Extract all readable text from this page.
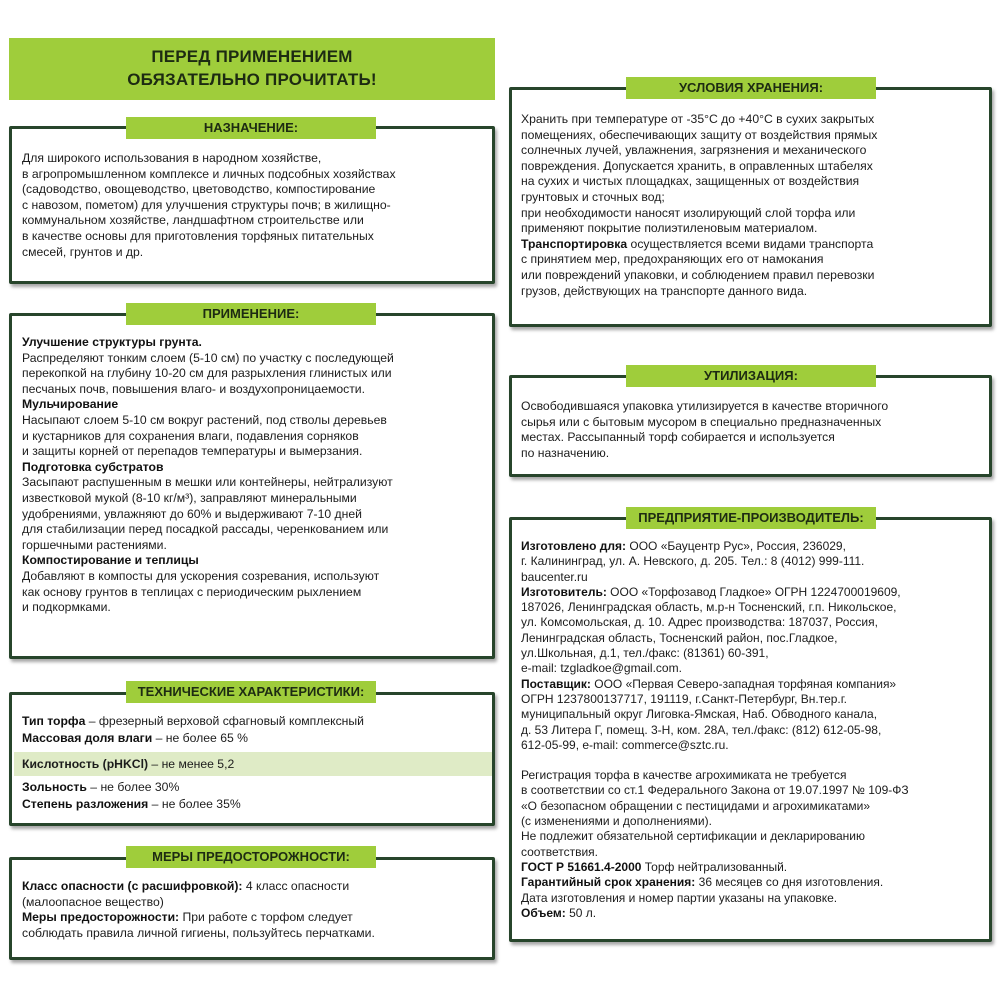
ПЕРЕД ПРИМЕНЕНИЕМ
ОБЯЗАТЕЛЬНО ПРОЧИТАТЬ!
НАЗНАЧЕНИЕ:

Для широкого использования в народном хозяйстве,

в агропромышленном комплексе и личных подсобных хозяйствах

(садоводство, овощеводство, цветоводство, компостирование

с навозом, пометом) для улучшения структуры почв; в жилищно-

коммунальном хозяйстве, ландшафтном строительстве или

в качестве основы для приготовления торфяных питательных

смесей, грунтов и др.

ПРИМЕНЕНИЕ:

Улучшение структуры грунта.

Распределяют тонким слоем (5-10 см) по участку с последующей

перекопкой на глубину 10-20 см для разрыхления глинистых или

песчаных почв, повышения влаго- и воздухопроницаемости.

Мульчирование

Насыпают слоем 5-10 см вокруг растений, под стволы деревьев

и кустарников для сохранения влаги, подавления сорняков

и защиты корней от перепадов температуры и вымерзания.

Подготовка субстратов

Засыпают распушенным в мешки или контейнеры, нейтрализуют

известковой мукой (8-10 кг/м³), заправляют минеральными

удобрениями, увлажняют до 60% и выдерживают 7-10 дней

для стабилизации перед посадкой рассады, черенкованием или

горшечными растениями.

Компостирование и теплицы

Добавляют в компосты для ускорения созревания, используют

как основу грунтов в теплицах с периодическим рыхлением

и подкормками.

ТЕХНИЧЕСКИЕ ХАРАКТЕРИСТИКИ:
Тип торфа – фрезерный верховой сфагновый комплексный
Массовая доля влаги – не более 65 %
Кислотность (pHKCl) – не менее 5,2
Зольность – не более 30%
Степень разложения – не более 35%
МЕРЫ ПРЕДОСТОРОЖНОСТИ:

Класс опасности (с расшифровкой): 4 класс опасности

(малоопасное вещество)

Меры предосторожности: При работе с торфом следует

соблюдать правила личной гигиены, пользуйтесь перчатками.

УСЛОВИЯ ХРАНЕНИЯ:

Хранить при температуре от -35°С до +40°С в сухих закрытых

помещениях, обеспечивающих защиту от воздействия прямых

солнечных лучей, увлажнения, загрязнения и механического

повреждения. Допускается хранить, в оправленных штабелях

на сухих и чистых площадках, защищенных от воздействия

грунтовых и сточных вод;

при необходимости наносят изолирующий слой торфа или

применяют покрытие полиэтиленовым материалом.

Транспортировка осуществляется всеми видами транспорта

с принятием мер, предохраняющих его от намокания

или повреждений упаковки, и соблюдением правил перевозки

грузов, действующих на транспорте данного вида.

УТИЛИЗАЦИЯ:

Освободившаяся упаковка утилизируется в качестве вторичного

сырья или с бытовым мусором в специально предназначенных

местах. Рассыпанный торф собирается и используется

по назначению.

ПРЕДПРИЯТИЕ-ПРОИЗВОДИТЕЛЬ:

Изготовлено для: ООО «Бауцентр Рус», Россия, 236029,

г. Калининград, ул. А. Невского, д. 205. Тел.: 8 (4012) 999-111.

baucenter.ru

Изготовитель: ООО «Торфозавод Гладкое» ОГРН 1224700019609,

187026, Ленинградская область, м.р-н Тосненский, г.п. Никольское,

ул. Комсомольская, д. 10. Адрес производства: 187037, Россия,

Ленинградская область, Тосненский район, пос.Гладкое,

ул.Школьная, д.1, тел./факс: (81361) 60-391,

e-mail: tzgladkoe@gmail.com.

Поставщик: ООО «Первая Северо-западная торфяная компания»

ОГРН 1237800137717, 191119, г.Санкт-Петербург, Вн.тер.г.

муниципальный округ Лиговка-Ямская, Наб. Обводного канала,

д. 53 Литера Г, помещ. 3-Н, ком. 28А, тел./факс: (812) 612-05-98,

612-05-99, e-mail: commerce@sztc.ru.

Регистрация торфа в качестве агрохимиката не требуется

в соответствии со ст.1 Федерального Закона от 19.07.1997 № 109-ФЗ

«О безопасном обращении с пестицидами и агрохимикатами»

(с изменениями и дополнениями).

Не подлежит обязательной сертификации и декларированию

соответствия.

ГОСТ Р 51661.4-2000 Торф нейтрализованный.

Гарантийный срок хранения: 36 месяцев со дня изготовления.

Дата изготовления и номер партии указаны на упаковке.

Объем: 50 л.
